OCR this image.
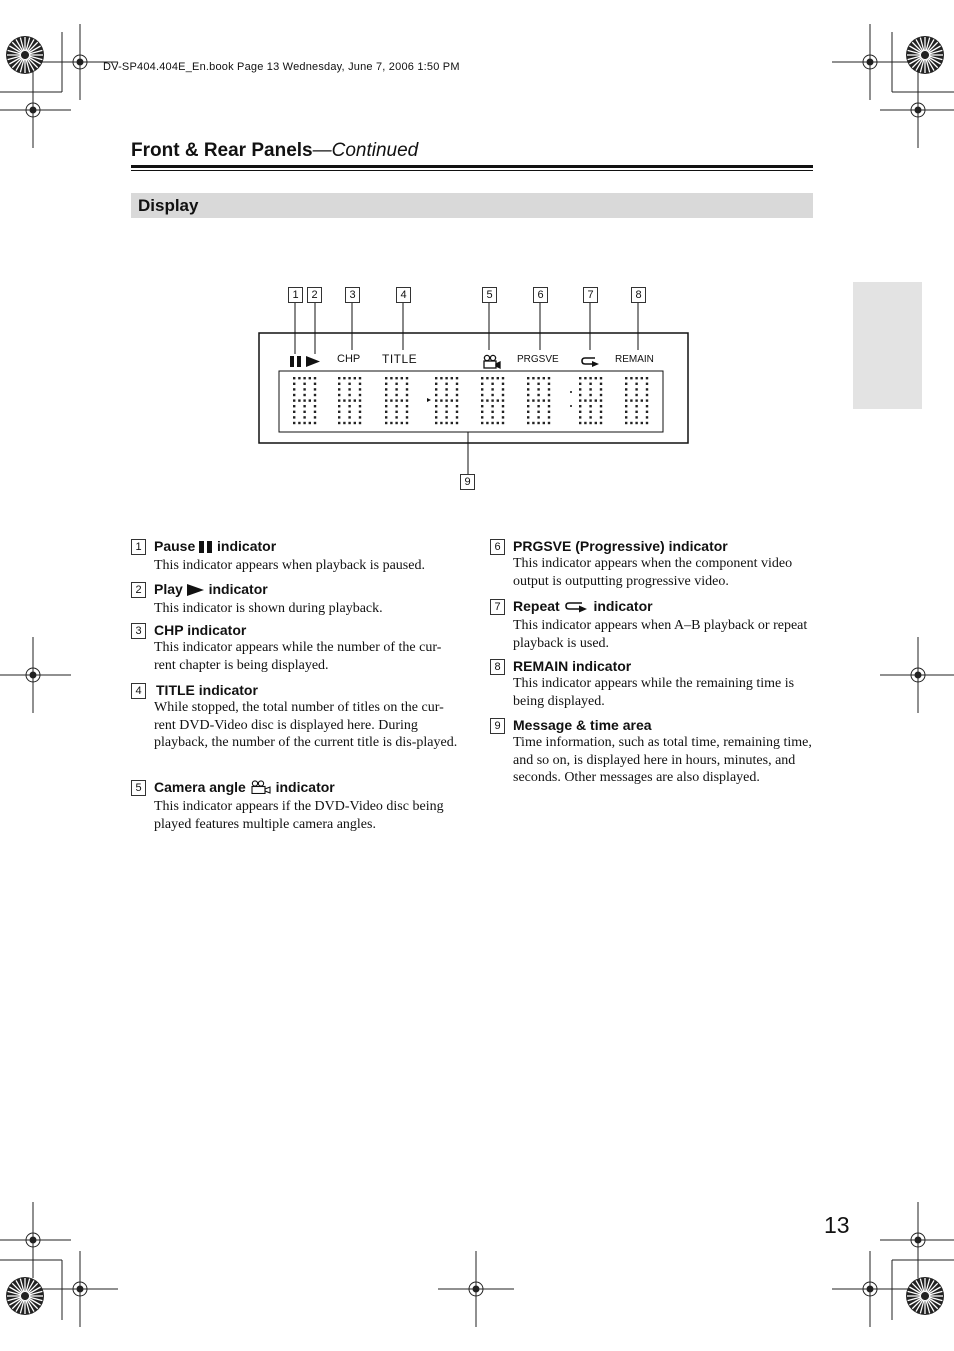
DV-SP404.404E_En.book Page 13 Wednesday, June 7, 2006 1:50 PM
Front & Rear Panels—Continued
Display
1	2	3	4	5	6	7	8
9
CHP TITLE	PRGSVE	REMAIN
1 Pause  indicator
This indicator appears when playback is paused.
2 Play  indicator
This indicator is shown during playback.
3 CHP indicator
This indicator appears while the number of the cur-rent chapter is being displayed.
4	TITLE indicator
While stopped, the total number of titles on the cur-rent DVD-Video disc is displayed here. During playback, the number of the current title is dis-played.
5 Camera angle  indicator
This indicator appears if the DVD-Video disc being played features multiple camera angles.
6 PRGSVE (Progressive) indicator
This indicator appears when the component video output is outputting progressive video.
7 Repeat  indicator
This indicator appears when A–B playback or repeat playback is used.
8 REMAIN indicator
This indicator appears while the remaining time is being displayed.
9 Message & time area
Time information, such as total time, remaining time, and so on, is displayed here in hours, minutes, and seconds. Other messages are also displayed.
13
